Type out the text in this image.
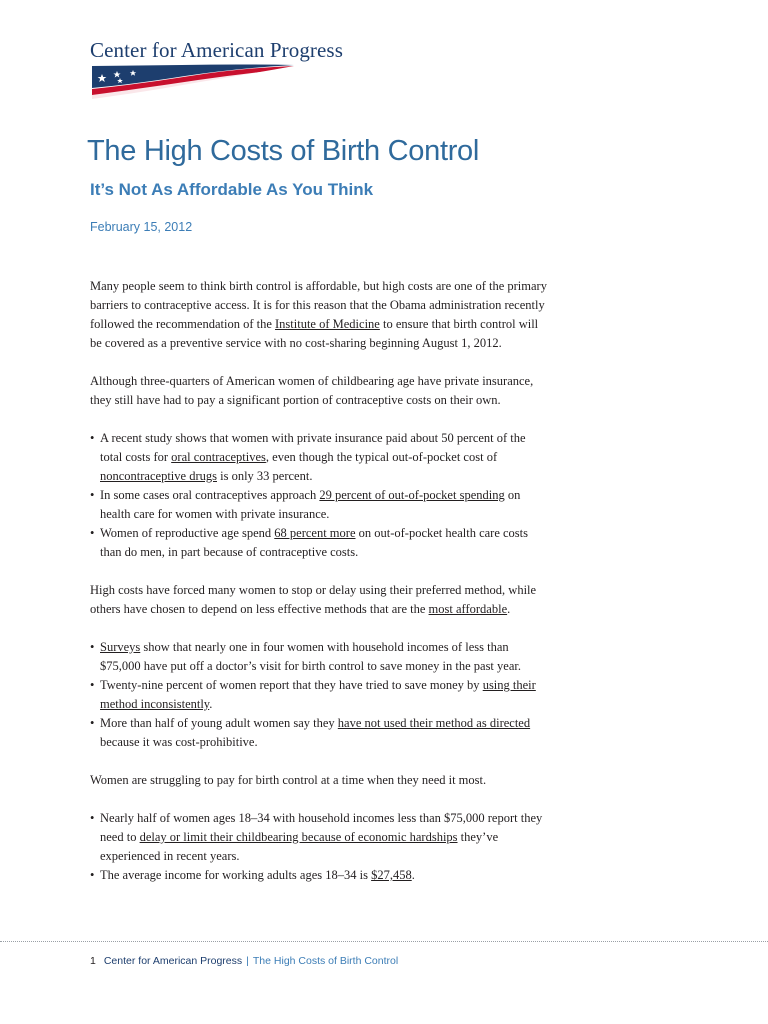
Center for American Progress
The High Costs of Birth Control
It’s Not As Affordable As You Think
February 15, 2012

Many people seem to think birth control is affordable, but high costs are one of the primary barriers to contraceptive access. It is for this reason that the Obama administration recently followed the recommendation of the Institute of Medicine to ensure that birth control will be covered as a preventive service with no cost-sharing beginning August 1, 2012.

Although three-quarters of American women of childbearing age have private insurance, they still have had to pay a significant portion of contraceptive costs on their own.

• A recent study shows that women with private insurance paid about 50 percent of the total costs for oral contraceptives, even though the typical out-of-pocket cost of noncontraceptive drugs is only 33 percent.
• In some cases oral contraceptives approach 29 percent of out-of-pocket spending on health care for women with private insurance.
• Women of reproductive age spend 68 percent more on out-of-pocket health care costs than do men, in part because of contraceptive costs.

High costs have forced many women to stop or delay using their preferred method, while others have chosen to depend on less effective methods that are the most affordable.

• Surveys show that nearly one in four women with household incomes of less than $75,000 have put off a doctor’s visit for birth control to save money in the past year.
• Twenty-nine percent of women report that they have tried to save money by using their method inconsistently.
• More than half of young adult women say they have not used their method as directed because it was cost-prohibitive.

Women are struggling to pay for birth control at a time when they need it most.

• Nearly half of women ages 18–34 with household incomes less than $75,000 report they need to delay or limit their childbearing because of economic hardships they’ve experienced in recent years.
• The average income for working adults ages 18–34 is $27,458.
1 Center for American Progress | The High Costs of Birth Control
